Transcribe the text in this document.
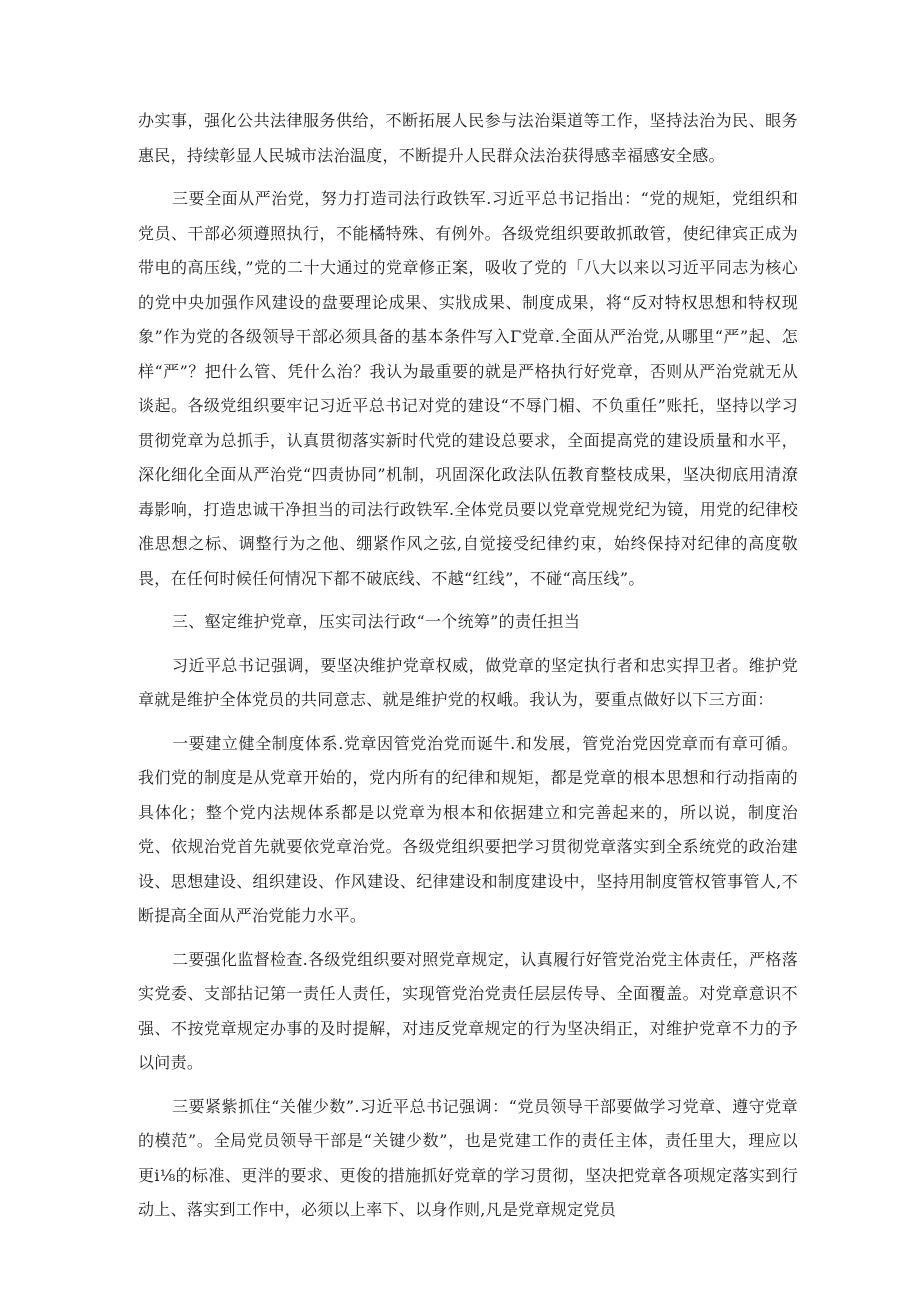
办实事，强化公共法律服务供给，不断拓展人民参与法治渠道等工作，坚持法治为民、眼务惠民，持续彰显人民城市法治温度，不断提升人民群众法治获得感幸福感安全感。

三要全面从严治党，努力打造司法行政铁军.习近平总书记指出：“党的规矩，党组织和党员、干部必须遵照执行，不能橘特殊、有例外。各级党组织要敢抓敢管，使纪律宾正成为带电的高压线，”党的二十大通过的党章修正案，吸收了党的「八大以来以习近平同志为核心的党中央加强作风建设的盘要理论成果、实戕成果、制度成果，将“反对特权思想和特权现象”作为党的各级领导干部必须具备的基本条件写入Γ党章.全面从严治党,从哪里“严”起、怎样“严”？把什么管、凭什么治？我认为最重要的就是严格执行好党章，否则从严治党就无从谈起。各级党组织要牢记习近平总书记对党的建设“不辱门楣、不负重任”账托，坚持以学习贯彻党章为总抓手，认真贯彻落实新时代党的建设总要求，全面提高党的建设质量和水平，深化细化全面从严治党“四责协同”机制，巩固深化政法队伍教育整枝成果，坚决彻底用清潦毒影响，打造忠诚干净担当的司法行政铁军.全体党员要以党章党规党纪为镜，用党的纪律校准思想之标、调整行为之他、绷紧作风之弦,自觉接受纪律约束，始终保持对纪律的高度敬畏，在任何时候任何情况下都不破底线、不越“红线”，不碰“高压线”。

三、壑定维护党章，压实司法行政“一个统筹”的责任担当

习近平总书记强调，要坚决维护党章权威，做党章的坚定执行者和忠实捍卫者。维护党章就是维护全体党员的共同意志、就是维护党的权峨。我认为，要重点做好以下三方面：

一要建立健全制度体系.党章因管党治党而诞牛.和发展，管党治党因党章而有章可循。我们党的制度是从党章开始的，党内所有的纪律和规矩，都是党章的根本思想和行动指南的具体化；整个党内法规体系都是以党章为根本和依据建立和完善起来的，所以说，制度治党、依规治党首先就要依党章治党。各级党组织要把学习贯彻党章落实到全系统党的政治建设、思想建设、组织建设、作风建设、纪律建设和制度建设中，坚持用制度管权管事管人,不断提高全面从严治党能力水平。

二要强化监督检查.各级党组织要对照党章规定，认真履行好管党治党主体责任，严格落实党委、支部拈记第一责任人责任，实现管党治党责任层层传导、全面覆盖。对党章意识不强、不按党章规定办事的及时提解，对违反党章规定的行为坚决绢正，对维护党章不力的予以问责。

三要紧紫抓住“关催少数”.习近平总书记强调：“党员领导干部要做学习党章、遵守党章的模范”。全局党员领导干部是“关键少数”，也是党建工作的责任主体，责任里大，理应以更i⅛的标准、更泮的要求、更俊的措施抓好党章的学习贯彻，坚决把党章各项规定落实到行动上、落实到工作中，必须以上率下、以身作则,凡是党章规定党员
